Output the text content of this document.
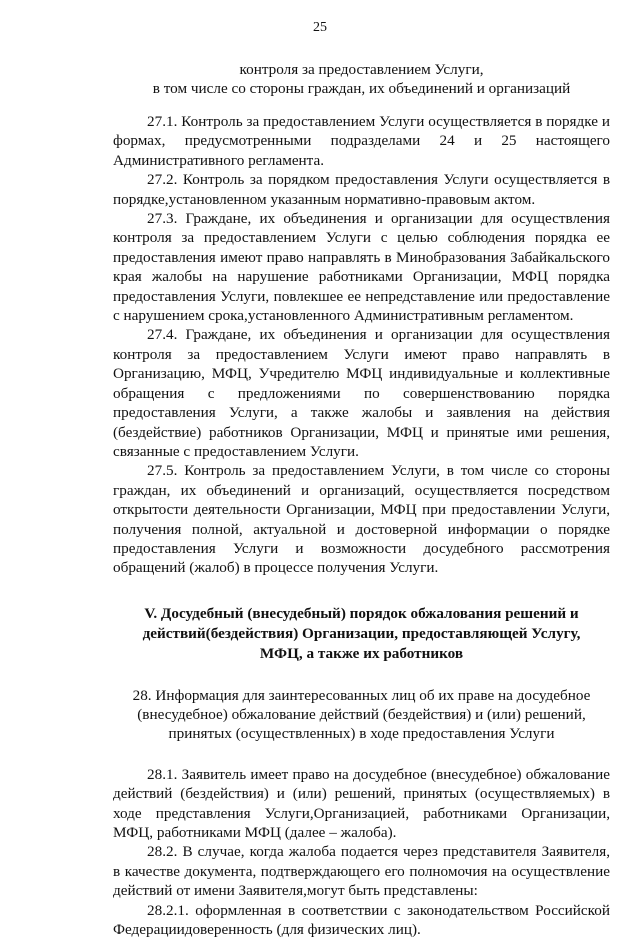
25

контроля за предоставлением Услуги,

в том числе со стороны граждан, их объединений и организаций

27.1. Контроль за предоставлением Услуги осуществляется в порядке и формах, предусмотренными подразделами 24 и 25 настоящего Административного регламента.

27.2. Контроль за порядком предоставления Услуги осуществляется в порядке,установленном указанным нормативно-правовым актом.

27.3. Граждане, их объединения и организации для осуществления контроля за предоставлением Услуги с целью соблюдения порядка ее предоставления имеют право направлять в Минобразования Забайкальского края жалобы на нарушение работниками Организации, МФЦ порядка предоставления Услуги, повлекшее ее непредставление или предоставление с нарушением срока,установленного Административным регламентом.

27.4. Граждане, их объединения и организации для осуществления контроля за предоставлением Услуги имеют право направлять в Организацию, МФЦ, Учредителю МФЦ индивидуальные и коллективные обращения с предложениями по совершенствованию порядка предоставления Услуги, а также жалобы и заявления на действия (бездействие) работников Организации, МФЦ и принятые ими решения, связанные с предоставлением Услуги.

27.5. Контроль за предоставлением Услуги, в том числе со стороны граждан, их объединений и организаций, осуществляется посредством открытости деятельности Организации, МФЦ при предоставлении Услуги, получения полной, актуальной и достоверной информации о порядке предоставления Услуги и возможности досудебного рассмотрения обращений (жалоб) в процессе получения Услуги.

V. Досудебный (внесудебный) порядок обжалования решений и

действий(бездействия) Организации, предоставляющей Услугу,

МФЦ, а также их работников

28. Информация для заинтересованных лиц об их праве на досудебное

(внесудебное) обжалование действий (бездействия) и (или) решений,

принятых (осуществленных) в ходе предоставления Услуги

28.1. Заявитель имеет право на досудебное (внесудебное) обжалование действий (бездействия) и (или) решений, принятых (осуществляемых) в ходе представления Услуги,Организацией, работниками Организации, МФЦ, работниками МФЦ (далее – жалоба).

28.2. В случае, когда жалоба подается через представителя Заявителя, в качестве документа, подтверждающего его полномочия на осуществление действий от имени Заявителя,могут быть представлены:

28.2.1. оформленная в соответствии с законодательством Российской Федерациидоверенность (для физических лиц).
